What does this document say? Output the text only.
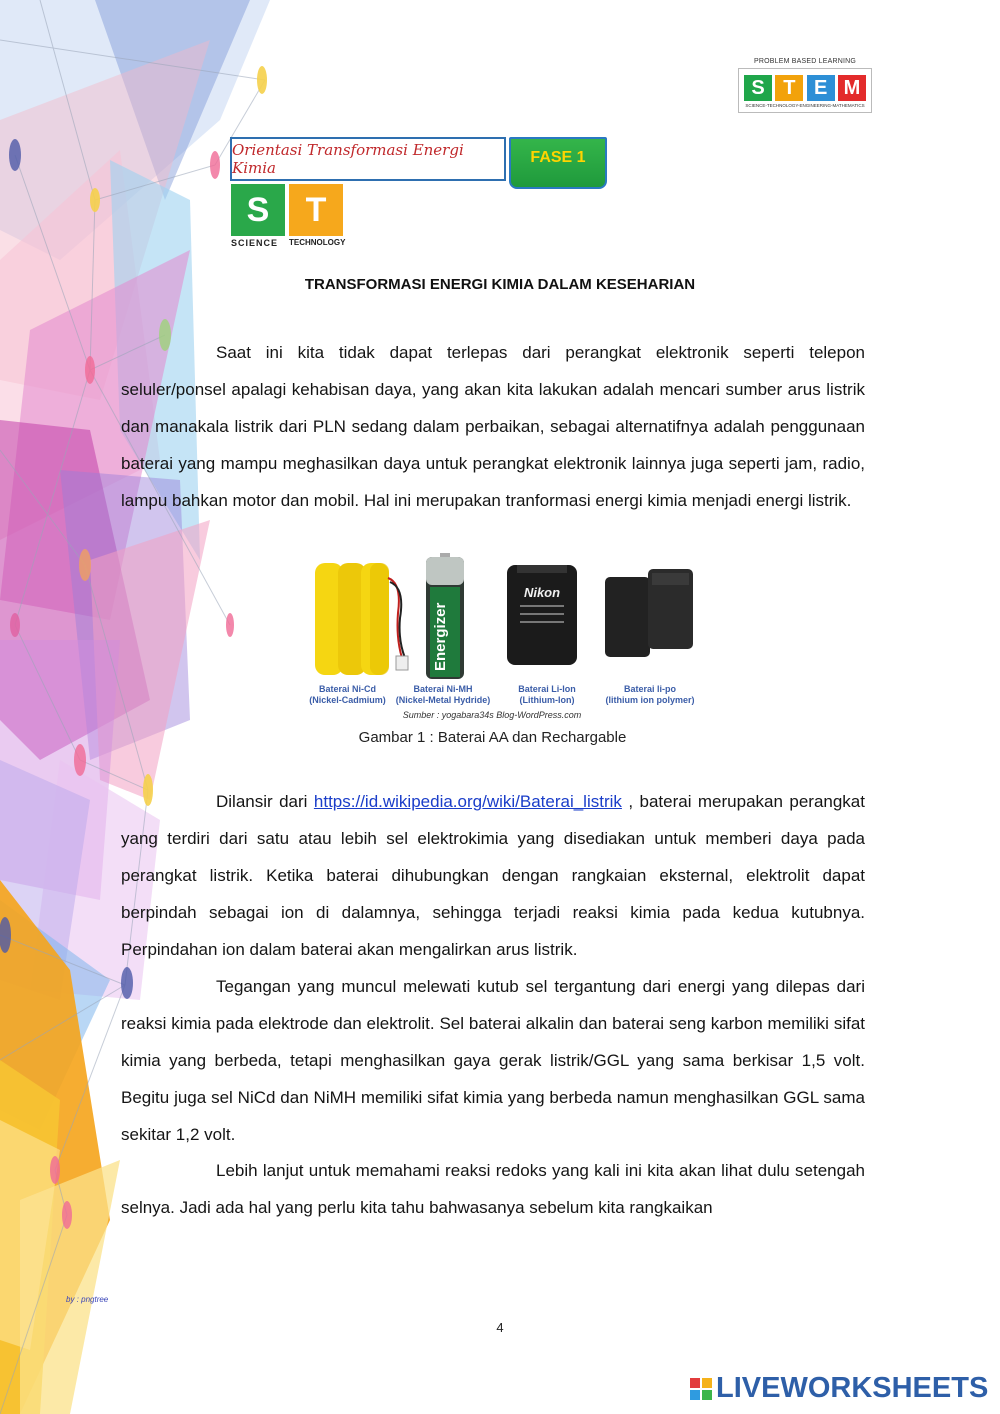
PROBLEM BASED LEARNING
S T E M
SCIENCE-TECHNOLOGY-ENGINEERING-MATHEMATICS
Orientasi Transformasi Energi Kimia
FASE 1
S
SCIENCE
T
TECHNOLOGY
TRANSFORMASI ENERGI KIMIA DALAM KESEHARIAN
Saat ini kita tidak dapat terlepas dari perangkat elektronik seperti telepon seluler/ponsel apalagi kehabisan daya, yang akan kita lakukan adalah mencari sumber arus listrik dan manakala listrik dari PLN sedang dalam perbaikan, sebagai alternatifnya adalah penggunaan baterai yang mampu meghasilkan daya untuk perangkat elektronik lainnya juga seperti jam, radio, lampu bahkan motor dan mobil. Hal ini merupakan tranformasi energi kimia menjadi energi listrik.
Energizer
Nikon
Baterai Ni-Cd
(Nickel-Cadmium)
Baterai Ni-MH
(Nickel-Metal Hydride)
Baterai Li-Ion
(Lithium-Ion)
Baterai li-po
(lithium ion polymer)
Sumber : yogabara34s Blog-WordPress.com
Gambar 1 : Baterai AA dan Rechargable
Dilansir dari https://id.wikipedia.org/wiki/Baterai_listrik , baterai merupakan perangkat yang terdiri dari satu atau lebih sel elektrokimia yang disediakan untuk memberi daya pada perangkat listrik. Ketika baterai dihubungkan dengan rangkaian eksternal, elektrolit dapat berpindah sebagai ion di dalamnya, sehingga terjadi reaksi kimia pada kedua kutubnya. Perpindahan ion dalam baterai akan mengalirkan arus listrik.
Tegangan yang muncul melewati kutub sel tergantung dari energi yang dilepas dari reaksi kimia pada elektrode dan elektrolit. Sel baterai alkalin dan baterai seng karbon memiliki sifat kimia yang berbeda, tetapi menghasilkan gaya gerak listrik/GGL yang sama berkisar 1,5 volt. Begitu juga sel NiCd dan NiMH memiliki sifat kimia yang berbeda namun menghasilkan GGL sama sekitar 1,2 volt.
Lebih lanjut untuk memahami reaksi redoks yang kali ini kita akan lihat dulu setengah selnya. Jadi ada hal yang perlu kita tahu bahwasanya sebelum kita rangkaikan
by : pngtree
4
LIVEWORKSHEETS
